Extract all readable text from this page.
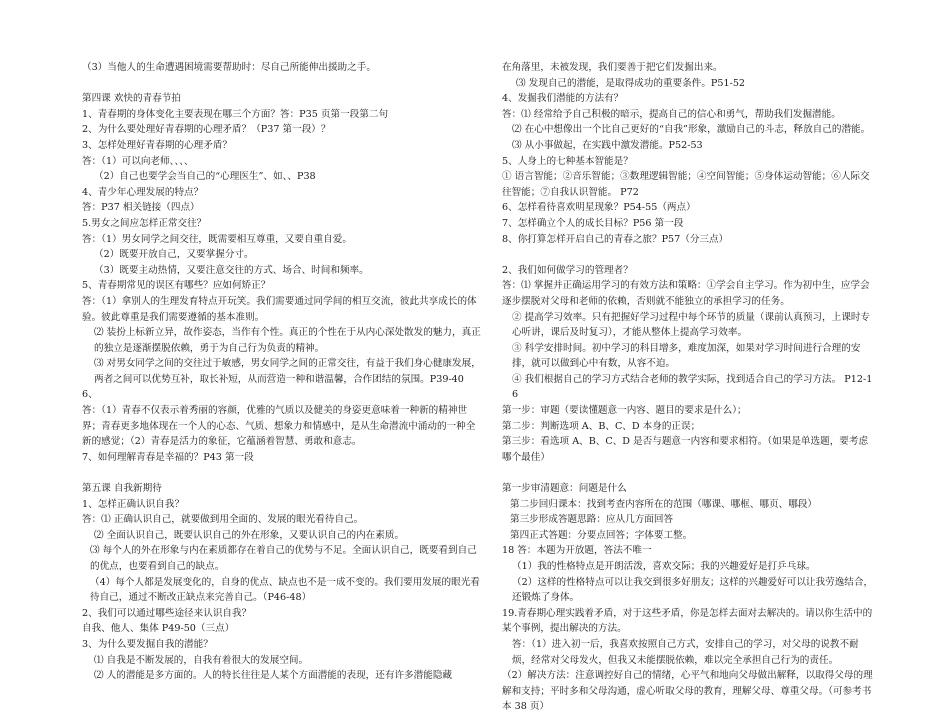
（3）当他人的生命遭遇困境需要帮助时：尽自己所能伸出援助之手。
第四课 欢快的青春节拍
1、青春期的身体变化主要表现在哪三个方面？答：P35 页第一段第二句
2、为什么要处理好青春期的心理矛盾？（P37 第一段）？
3、怎样处理好青春期的心理矛盾？
答：（1）可以向老师、、、、
（2）自己也要学会当自己的“心理医生”、如、、P38
4、青少年心理发展的特点？
答：P37 相关链接（四点）
5.男女之间应怎样正常交往？
答：（1）男女同学之间交往，既需要相互尊重，又要自重自爱。
（2）既要开放自己，又要掌握分寸。
（3）既要主动热情，又要注意交往的方式、场合、时间和频率。
5、青春期常见的误区有哪些？应如何矫正？
答：（1）拿别人的生理发育特点开玩笑。我们需要通过同学间的相互交流，彼此共享成长的体验。彼此尊重是我们需要遵循的基本准则。
⑵ 装扮上标新立异，故作姿态，当作有个性。真正的个性在于从内心深处散发的魅力，真正的独立是逐渐摆脱依赖，勇于为自己行为负责的精神。
⑶ 对男女同学之间的交往过于敏感，男女同学之间的正常交往，有益于我们身心健康发展，两者之间可以优势互补，取长补短，从而营造一种和谐温馨，合作团结的氛围。P39-40
6、
答：（1）青春不仅表示着秀丽的容颜，优雅的气质以及健美的身姿更意味着一种新的精神世界；青春更多地体现在一个人的心态、气质、想象力和情感中，是从生命潜流中涌动的一种全新的感觉；（2）青春是活力的象征，它蕴涵着智慧、勇敢和意志。
7、如何理解青春是幸福的？P43 第一段
第五课 自我新期待
1、怎样正确认识自我？
答：⑴ 正确认识自己，就要做到用全面的、发展的眼光看待自己。
⑵ 全面认识自己，既要认识自己的外在形象，又要认识自己的内在素质。
⑶ 每个人的外在形象与内在素质都存在着自己的优势与不足。全面认识自己，既要看到自己的优点，也要看到自己的缺点。
（4）每个人都是发展变化的，自身的优点、缺点也不是一成不变的。我们要用发展的眼光看待自己，通过不断改正缺点来完善自己。（P46-48）
2、我们可以通过哪些途径来认识自我？
自我、他人、集体 P49-50（三点）
3、为什么要发掘自我的潜能？
⑴ 自我是不断发展的，自我有着很大的发展空间。
⑵ 人的潜能是多方面的。人的特长往往是人某个方面潜能的表现，还有许多潜能隐藏
在角落里，未被发现，我们要善于把它们发掘出来。
⑶ 发现自己的潜能，是取得成功的重要条件。P51-52
4、发掘我们潜能的方法有？
答：⑴ 经常给予自己积极的暗示，提高自己的信心和勇气，帮助我们发掘潜能。
⑵ 在心中想像出一个比自己更好的“自我”形象，激励自己的斗志，释放自己的潜能。
⑶ 从小事做起，在实践中激发潜能。P52-53
5、人身上的七种基本智能是？
① 语言智能；②音乐智能；③数理逻辑智能；④空间智能；⑤身体运动智能；⑥人际交往智能；⑦自我认识智能。 P72
6、怎样看待喜欢明星现象？P54-55（两点）
7、怎样确立个人的成长目标？P56 第一段
8、你打算怎样开启自己的青春之旅？P57（分三点）
2、我们如何做学习的管理者？
答：⑴ 掌握并正确运用学习的有效方法和策略：①学会自主学习。作为初中生，应学会逐步摆脱对父母和老师的依赖，否则就不能独立的承担学习的任务。
② 提高学习效率。只有把握好学习过程中每个环节的质量（课前认真预习，上课时专心听讲，课后及时复习），才能从整体上提高学习效率。
③ 科学安排时间。初中学习的科目增多，难度加深，如果对学习时间进行合理的安排，就可以做到心中有数，从容不迫。
④ 我们根据自己的学习方式结合老师的教学实际，找到适合自己的学习方法。 P12-16
第一步：审题（要读懂题意一内容、题目的要求是什么）；
第二步：判断选项 A、B、C、D 本身的正误；
第三步：看选项 A、B、C、D 是否与题意一内容和要求相符。（如果是单选题，要考虑哪个最佳）
第一步审清题意：问题是什么
第二步回归课本：找到考查内容所在的范围（哪课、哪框、哪页、哪段）
第三步形成答题思路：应从几方面回答
第四正式答题：分要点回答；字体要工整。
18 答：本题为开放题，答法不唯一
（1）我的性格特点是开朗活泼，喜欢交际；我的兴趣爱好是打乒乓球。
（2）这样的性格特点可以让我交到很多好朋友；这样的兴趣爱好可以让我劳逸结合，还锻炼了身体。
19.青春期心理实践着矛盾，对于这些矛盾，你是怎样去面对去解决的。请以你生活中的某个事例，提出解决的方法。
答：（1）进入初一后，我喜欢按照自己方式，安排自己的学习，对父母的说教不耐烦，经常对父母发火，但我又未能摆脱依赖，难以完全承担自己行为的责任。
（2）解决方法：注意调控好自己的情绪，心平气和地向父母做出解释，以取得父母的理解和支持；平时多和父母沟通，虚心听取父母的教育，理解父母、尊重父母。（可参考书本 38 页）
